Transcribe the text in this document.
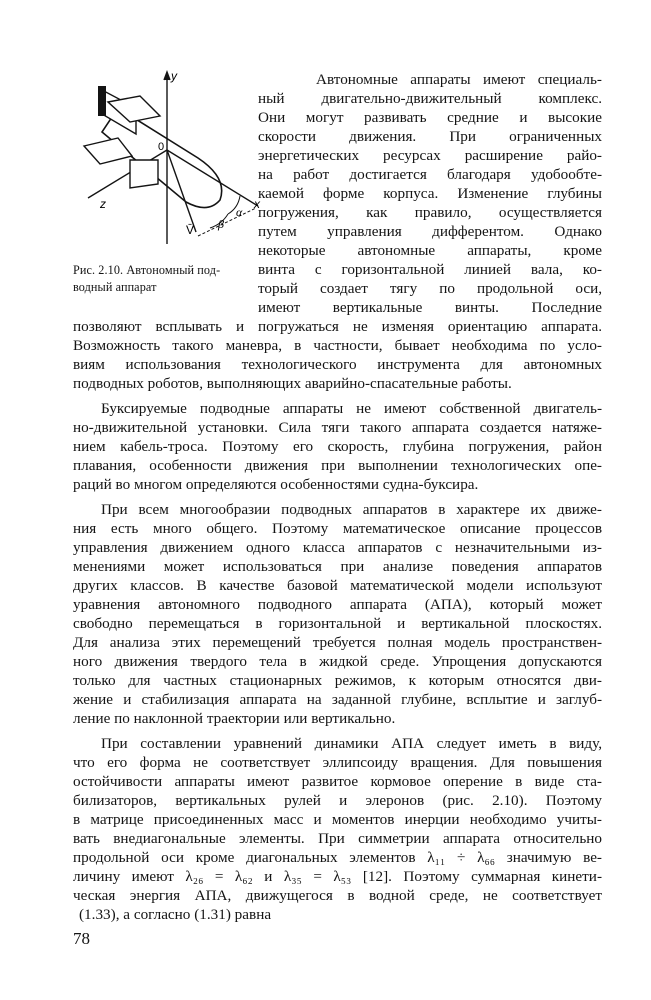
y
z	x
0
V̄ β
α
Рис. 2.10. Автономный под-
водный аппарат
Автономные аппараты имеют специаль-
ный двигательно-движительный комплекс.
Они могут развивать средние и высокие
скорости движения. При ограниченных
энергетических ресурсах расширение райо-
на работ достигается благодаря удобообте-
каемой форме корпуса. Изменение глубины
погружения, как правило, осуществляется
путем управления дифферентом. Однако
некоторые автономные аппараты, кроме
винта с горизонтальной линией вала, ко-
торый создает тягу по продольной оси,
имеют вертикальные винты. Последние
позволяют всплывать и погружаться не изменяя ориентацию аппарата.
Возможность такого маневра, в частности, бывает необходима по усло-
виям использования технологического инструмента для автономных
подводных роботов, выполняющих аварийно-спасательные работы.
Буксируемые подводные аппараты не имеют собственной двигатель-
но-движительной установки. Сила тяги такого аппарата создается натяже-
нием кабель-троса. Поэтому его скорость, глубина погружения, район
плавания, особенности движения при выполнении технологических опе-
раций во многом определяются особенностями судна-буксира.
При всем многообразии подводных аппаратов в характере их движе-
ния есть много общего. Поэтому математическое описание процессов
управления движением одного класса аппаратов с незначительными из-
менениями может использоваться при анализе поведения аппаратов
других классов. В качестве базовой математической модели используют
уравнения автономного подводного аппарата (АПА), который может
свободно перемещаться в горизонтальной и вертикальной плоскостях.
Для анализа этих перемещений требуется полная модель пространствен-
ного движения твердого тела в жидкой среде. Упрощения допускаются
только для частных стационарных режимов, к которым относятся дви-
жение и стабилизация аппарата на заданной глубине, всплытие и заглуб-
ление по наклонной траектории или вертикально.
При составлении уравнений динамики АПА следует иметь в виду,
что его форма не соответствует эллипсоиду вращения. Для повышения
остойчивости аппараты имеют развитое кормовое оперение в виде ста-
билизаторов, вертикальных рулей и элеронов (рис. 2.10). Поэтому
в матрице присоединенных масс и моментов инерции необходимо учиты-
вать внедиагональные элементы. При симметрии аппарата относительно
продольной оси кроме диагональных элементов λ₁₁ ÷ λ₆₆ значимую ве-
личину имеют λ₂₆ = λ₆₂ и λ₃₅ = λ₅₃ [12]. Поэтому суммарная кинети-
ческая энергия АПА, движущегося в водной среде, не соответствует
(1.33), а согласно (1.31) равна
78
